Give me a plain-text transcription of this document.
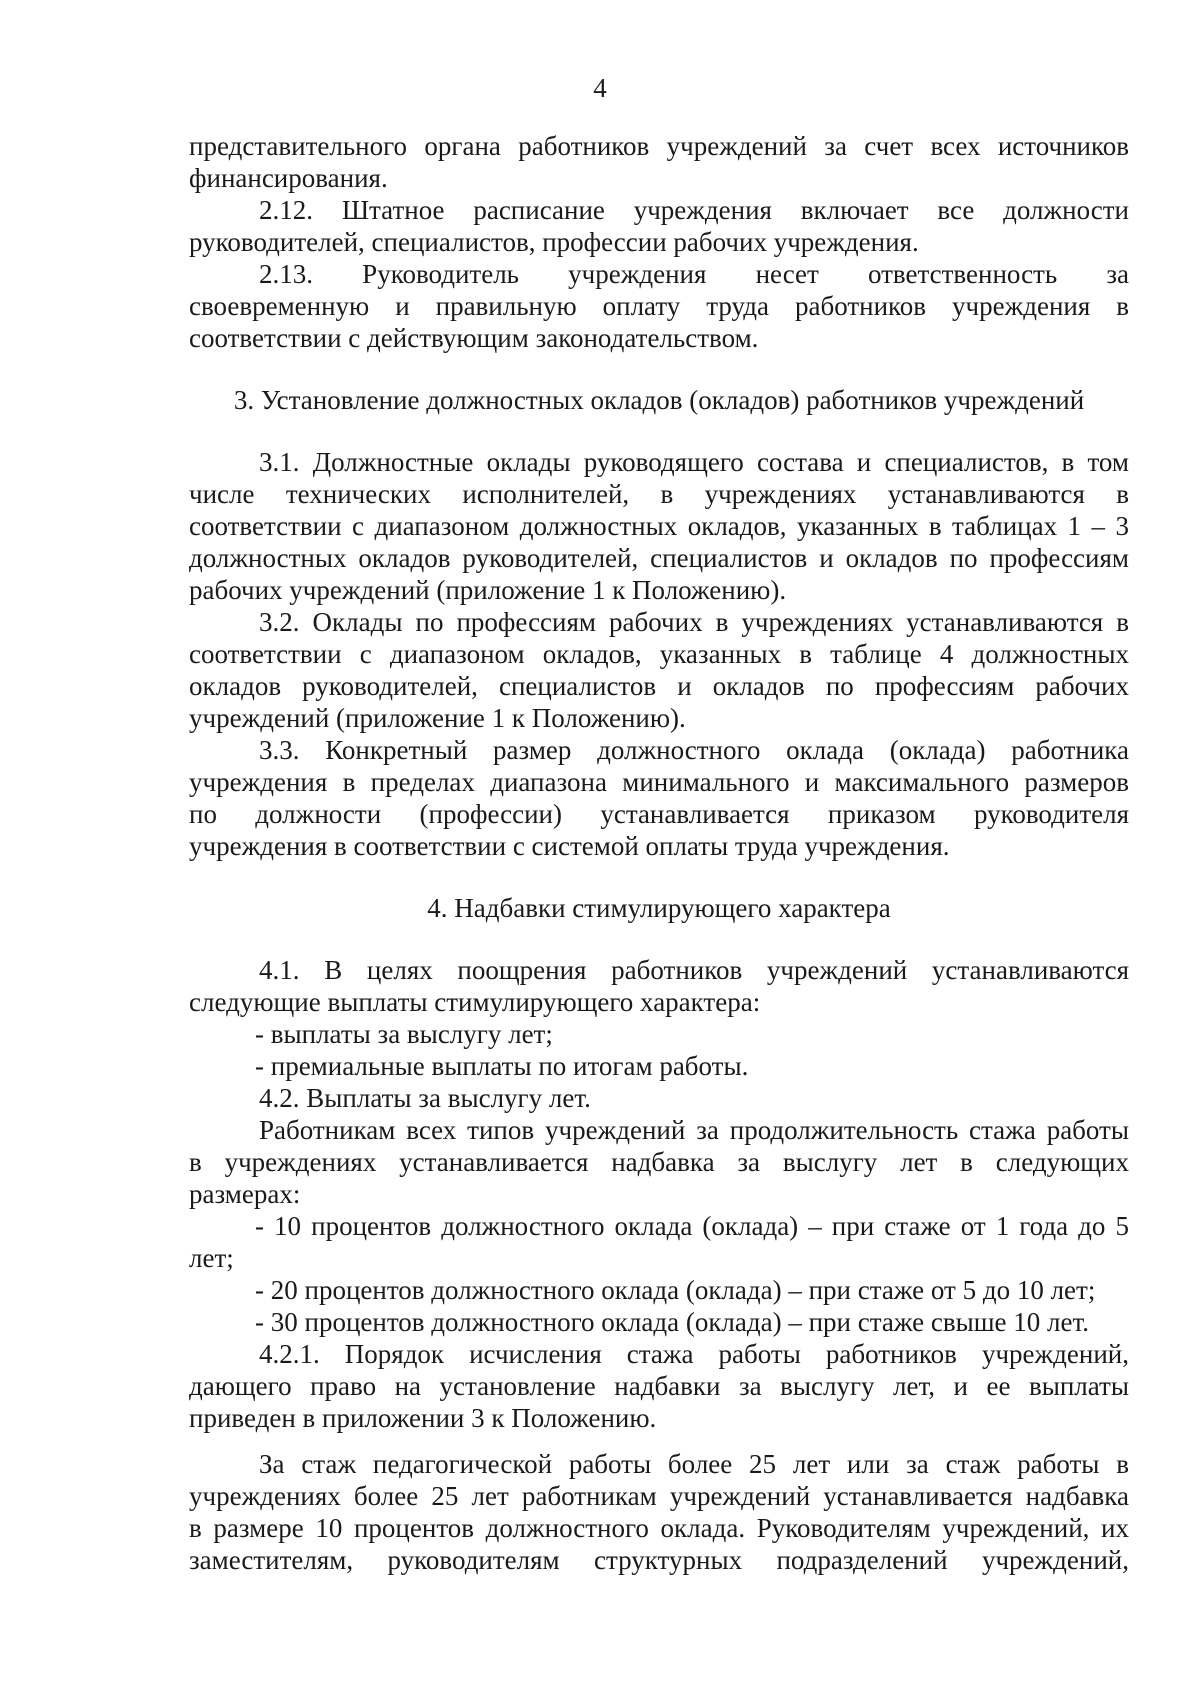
4
представительного органа работников учреждений за счет всех источников
финансирования.
2.12. Штатное расписание учреждения включает все должности
руководителей, специалистов, профессии рабочих учреждения.
2.13. Руководитель учреждения несет ответственность за
своевременную и правильную оплату труда работников учреждения в
соответствии с действующим законодательством.
3. Установление должностных окладов (окладов) работников учреждений
3.1. Должностные оклады руководящего состава и специалистов, в том
числе технических исполнителей, в учреждениях устанавливаются в
соответствии с диапазоном должностных окладов, указанных в таблицах 1 – 3
должностных окладов руководителей, специалистов и окладов по профессиям
рабочих учреждений (приложение 1 к Положению).
3.2. Оклады по профессиям рабочих в учреждениях устанавливаются в
соответствии с диапазоном окладов, указанных в таблице 4 должностных
окладов руководителей, специалистов и окладов по профессиям рабочих
учреждений (приложение 1 к Положению).
3.3. Конкретный размер должностного оклада (оклада) работника
учреждения в пределах диапазона минимального и максимального размеров
по должности (профессии) устанавливается приказом руководителя
учреждения в соответствии с системой оплаты труда учреждения.
4. Надбавки стимулирующего характера
4.1. В целях поощрения работников учреждений устанавливаются
следующие выплаты стимулирующего характера:
- выплаты за выслугу лет;
- премиальные выплаты по итогам работы.
4.2. Выплаты за выслугу лет.
Работникам всех типов учреждений за продолжительность стажа работы
в учреждениях устанавливается надбавка за выслугу лет в следующих
размерах:
- 10 процентов должностного оклада (оклада) – при стаже от 1 года до 5
лет;
- 20 процентов должностного оклада (оклада) – при стаже от 5 до 10 лет;
- 30 процентов должностного оклада (оклада) – при стаже свыше 10 лет.
4.2.1. Порядок исчисления стажа работы работников учреждений,
дающего право на установление надбавки за выслугу лет, и ее выплаты
приведен в приложении 3 к Положению.
За стаж педагогической работы более 25 лет или за стаж работы в
учреждениях более 25 лет работникам учреждений устанавливается надбавка
в размере 10 процентов должностного оклада. Руководителям учреждений, их
заместителям, руководителям структурных подразделений учреждений,
